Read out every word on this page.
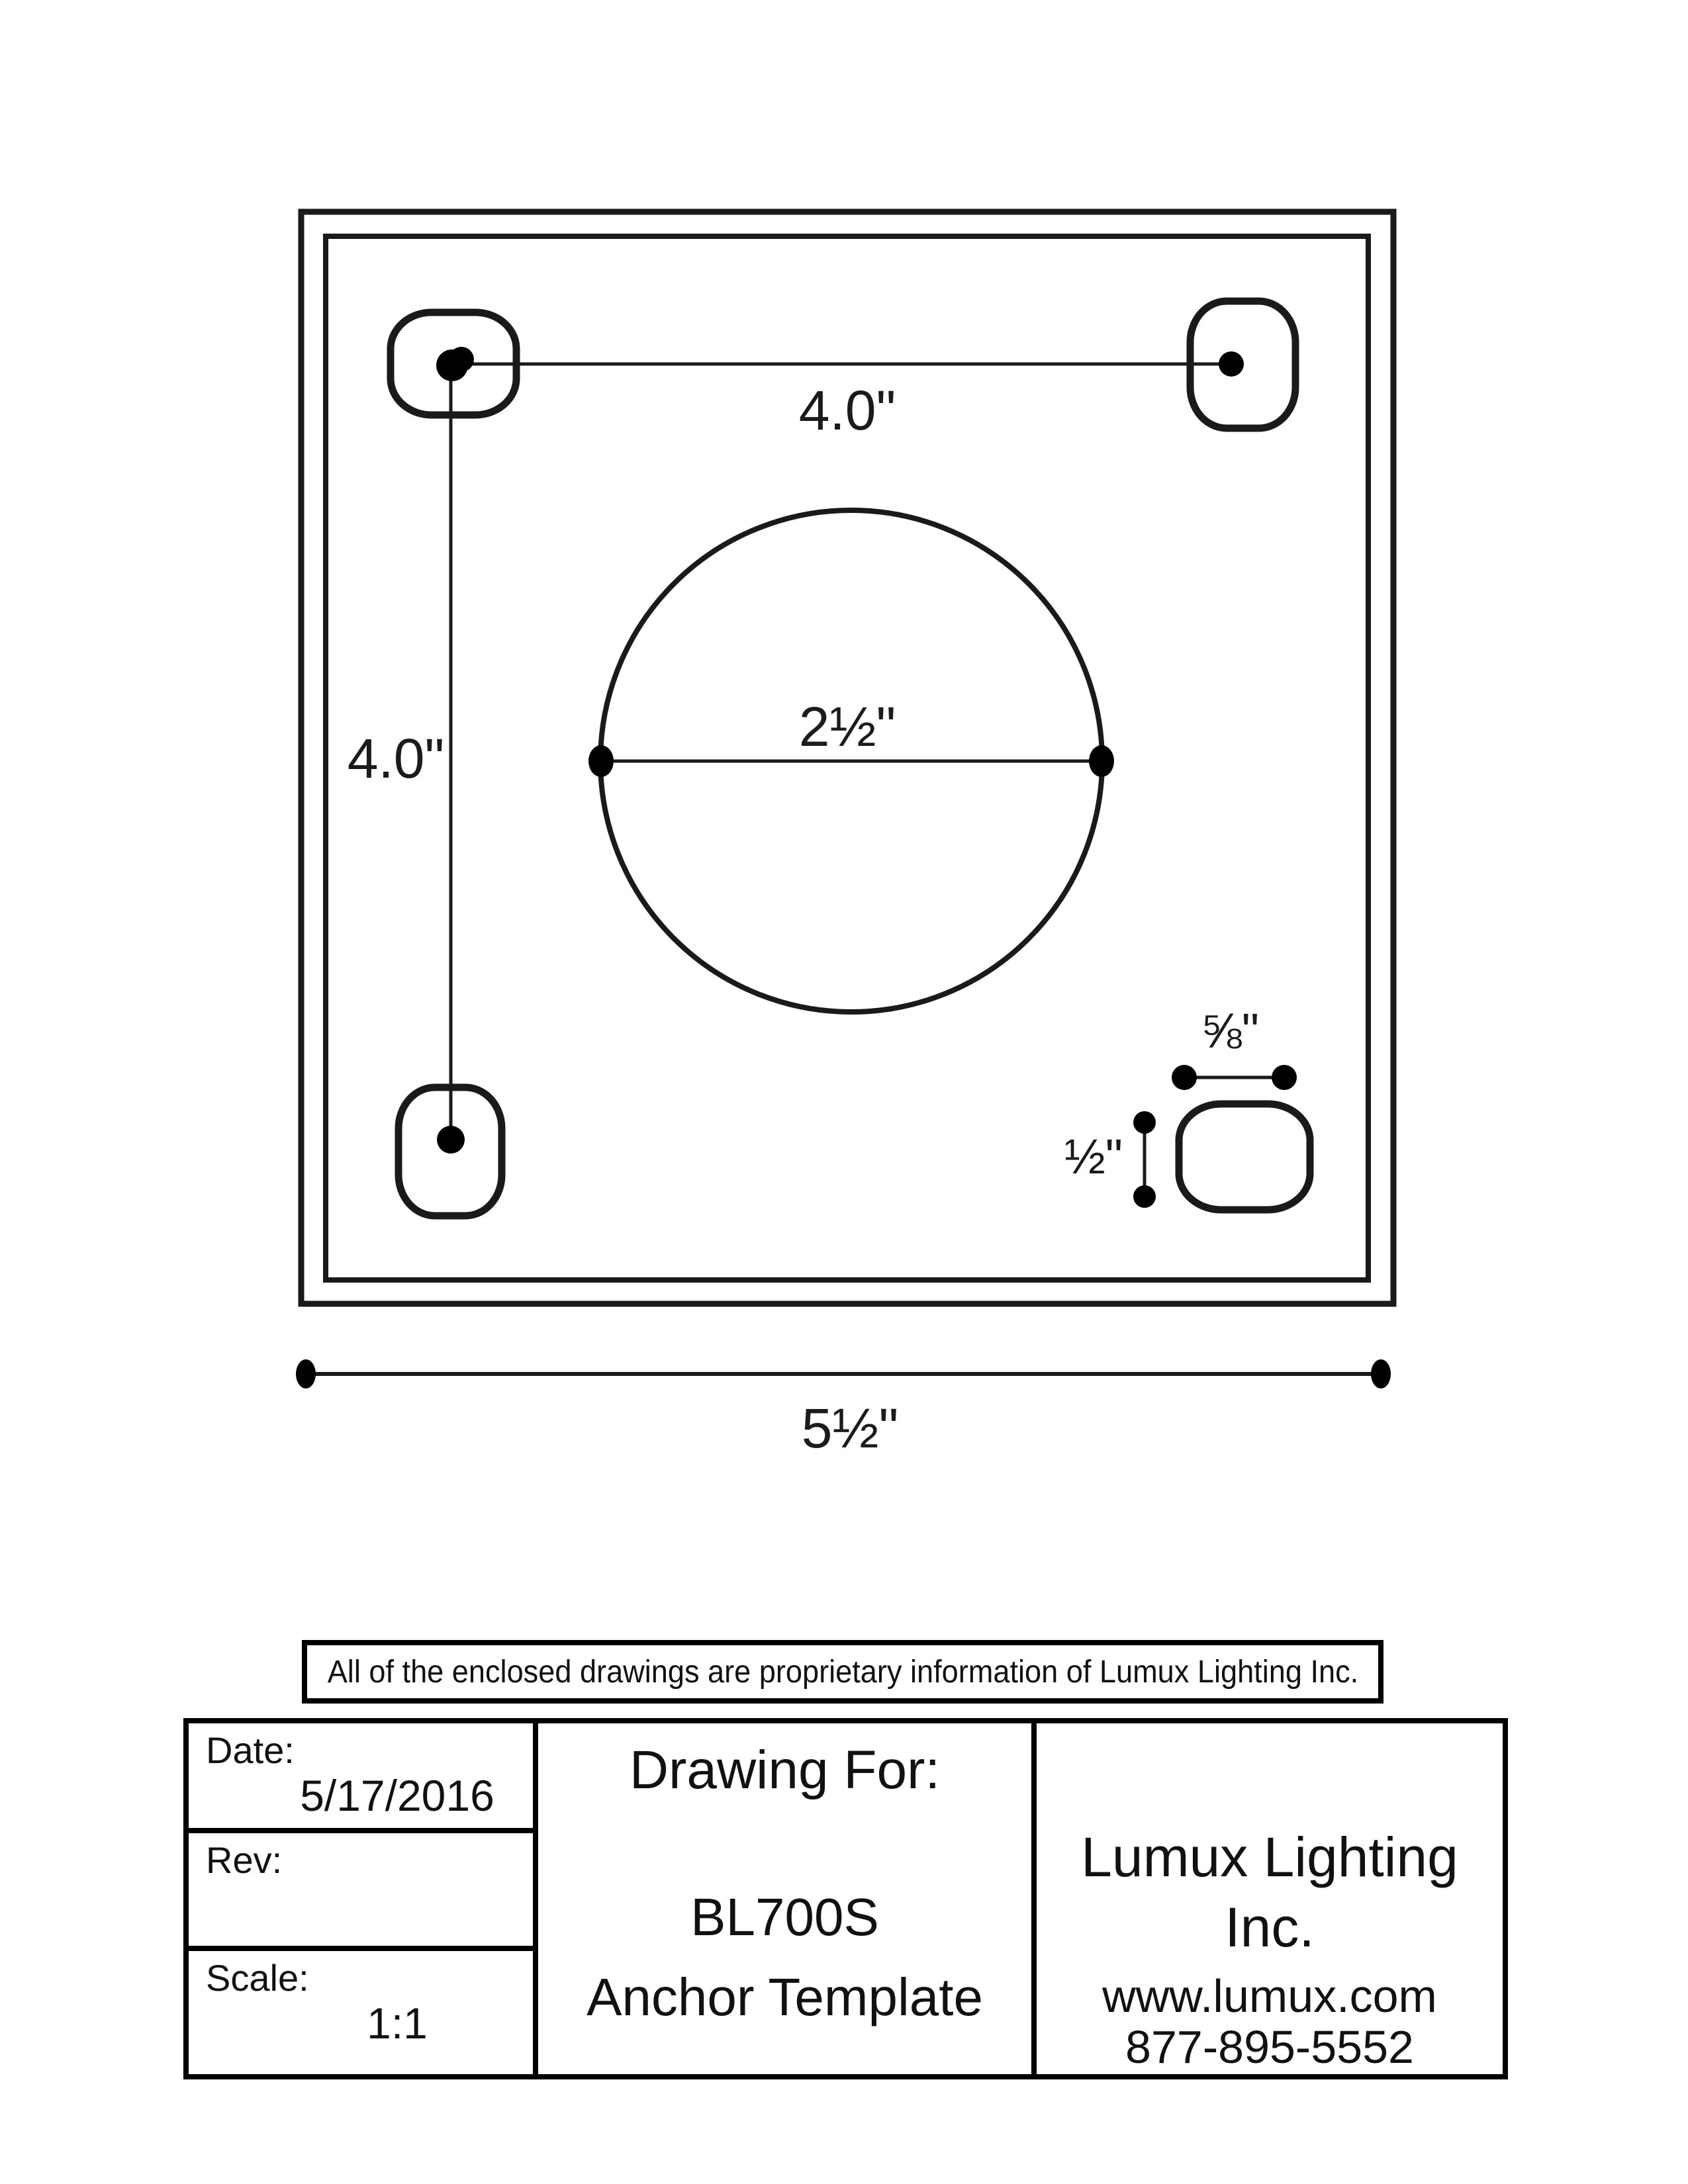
4.0"
4.0"
2½"
⅝"
½"
5½"
All of the enclosed drawings are proprietary information of Lumux Lighting Inc.
Date:
5/17/2016
Rev:
Scale:
1:1
Drawing For:
BL700S
Anchor Template
Lumux Lighting
Inc.
www.lumux.com
877-895-5552
